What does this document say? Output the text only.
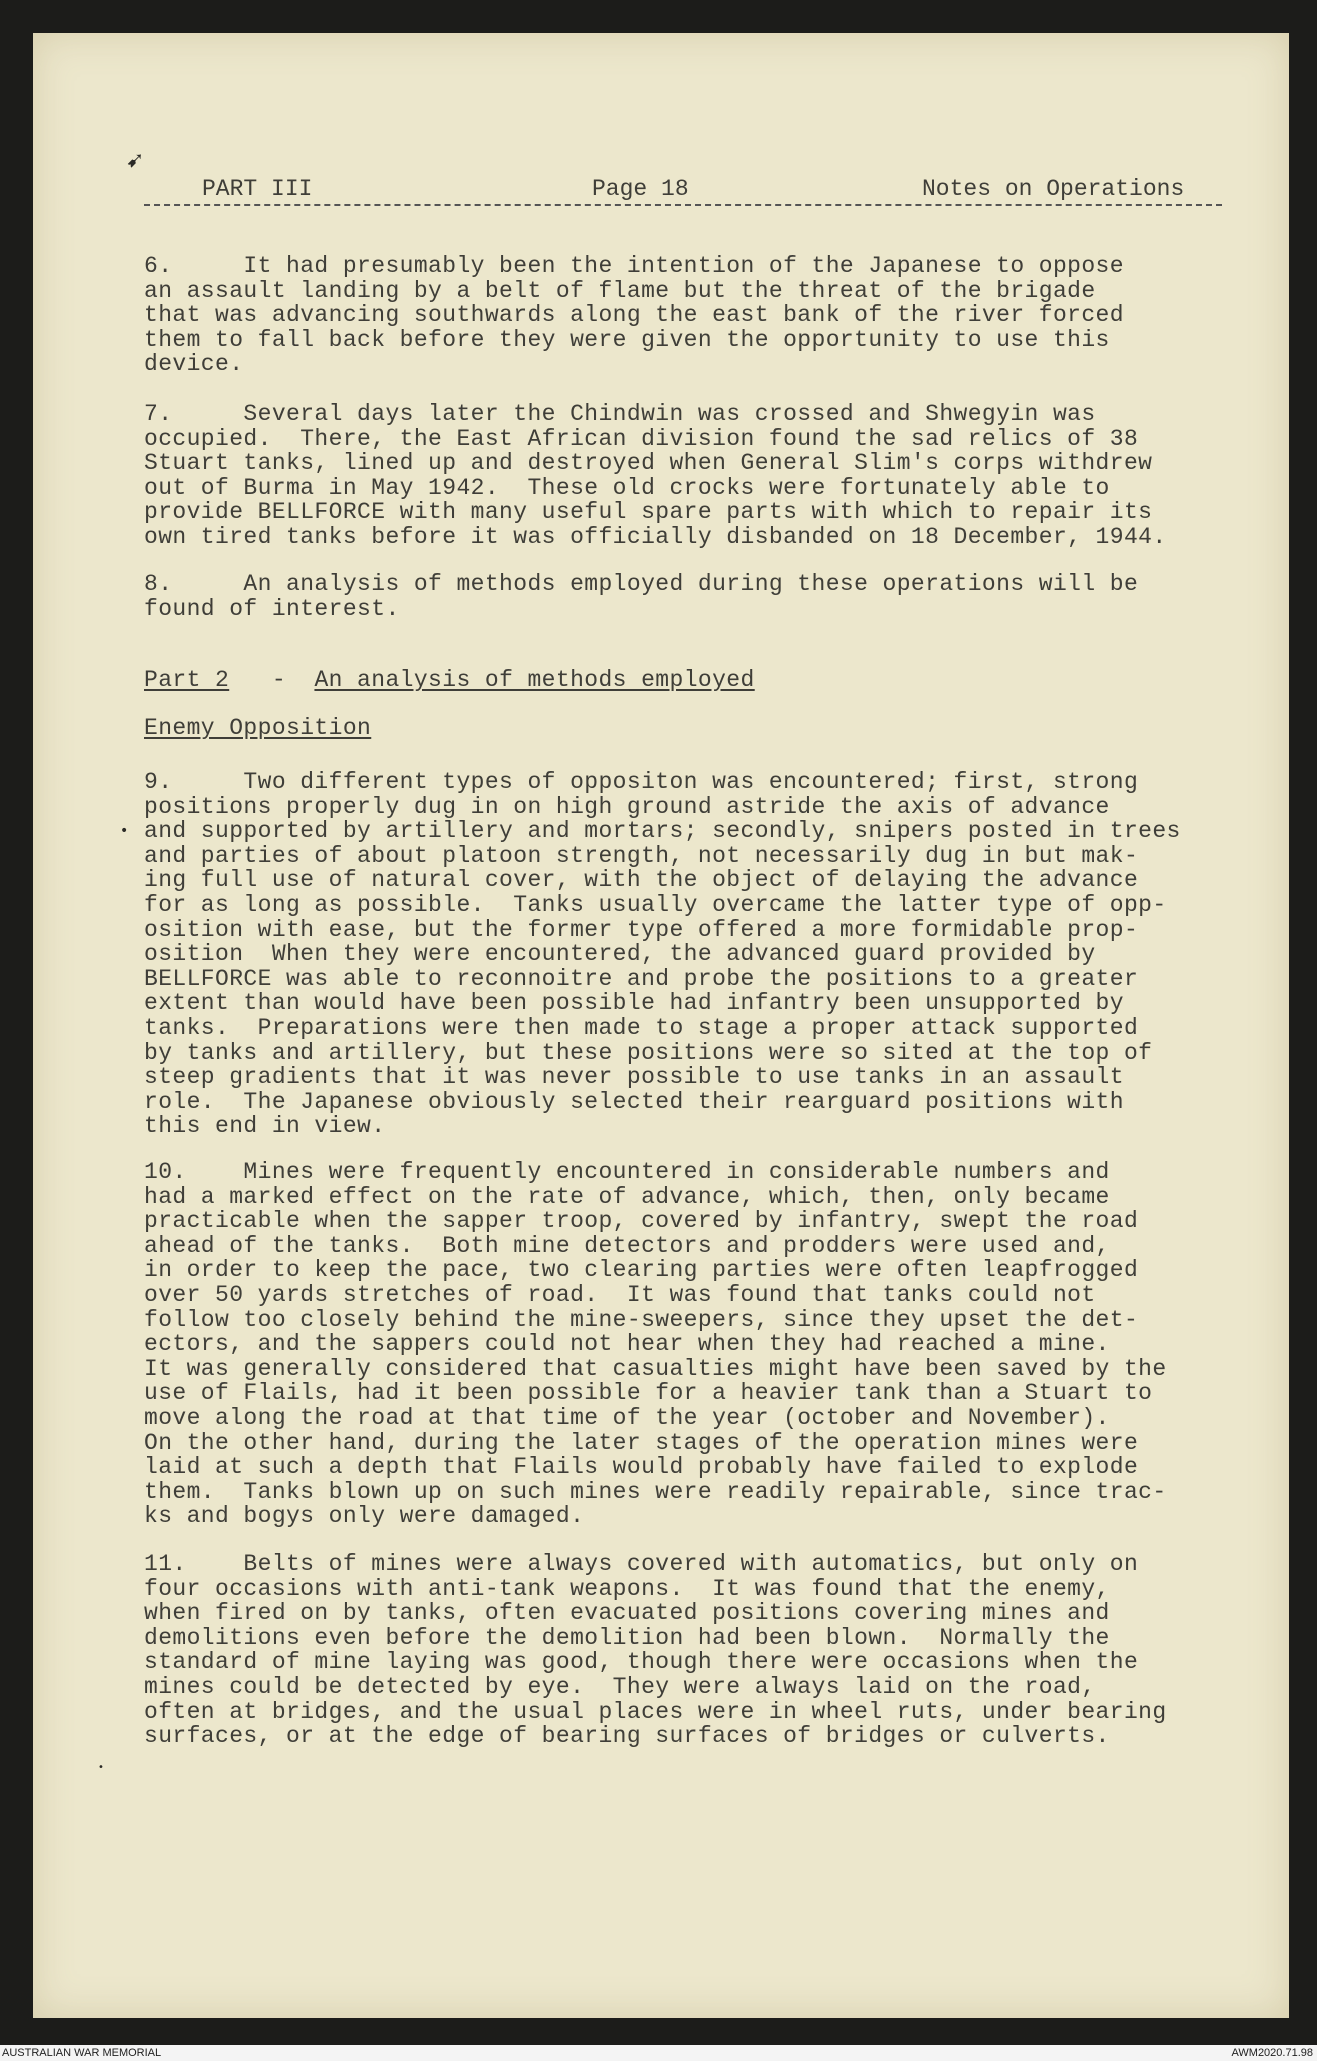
PART III	Page 18	Notes on Operations
6.     It had presumably been the intention of the Japanese to oppose
an assault landing by a belt of flame but the threat of the brigade
that was advancing southwards along the east bank of the river forced
them to fall back before they were given the opportunity to use this
device.
7.     Several days later the Chindwin was crossed and Shwegyin was
occupied.  There, the East African division found the sad relics of 38
Stuart tanks, lined up and destroyed when General Slim's corps withdrew
out of Burma in May 1942.  These old crocks were fortunately able to
provide BELLFORCE with many useful spare parts with which to repair its
own tired tanks before it was officially disbanded on 18 December, 1944.
8.     An analysis of methods employed during these operations will be
found of interest.
Part 2 - An analysis of methods employed
Enemy Opposition
9.     Two different types of oppositon was encountered; first, strong
positions properly dug in on high ground astride the axis of advance
and supported by artillery and mortars; secondly, snipers posted in trees
and parties of about platoon strength, not necessarily dug in but mak-
ing full use of natural cover, with the object of delaying the advance
for as long as possible.  Tanks usually overcame the latter type of opp-
osition with ease, but the former type offered a more formidable prop-
osition  When they were encountered, the advanced guard provided by
BELLFORCE was able to reconnoitre and probe the positions to a greater
extent than would have been possible had infantry been unsupported by
tanks.  Preparations were then made to stage a proper attack supported
by tanks and artillery, but these positions were so sited at the top of
steep gradients that it was never possible to use tanks in an assault
role.  The Japanese obviously selected their rearguard positions with
this end in view.
10.    Mines were frequently encountered in considerable numbers and
had a marked effect on the rate of advance, which, then, only became
practicable when the sapper troop, covered by infantry, swept the road
ahead of the tanks.  Both mine detectors and prodders were used and,
in order to keep the pace, two clearing parties were often leapfrogged
over 50 yards stretches of road.  It was found that tanks could not
follow too closely behind the mine-sweepers, since they upset the det-
ectors, and the sappers could not hear when they had reached a mine.
It was generally considered that casualties might have been saved by the
use of Flails, had it been possible for a heavier tank than a Stuart to
move along the road at that time of the year (october and November).
On the other hand, during the later stages of the operation mines were
laid at such a depth that Flails would probably have failed to explode
them.  Tanks blown up on such mines were readily repairable, since trac-
ks and bogys only were damaged.
11.    Belts of mines were always covered with automatics, but only on
four occasions with anti-tank weapons.  It was found that the enemy,
when fired on by tanks, often evacuated positions covering mines and
demolitions even before the demolition had been blown.  Normally the
standard of mine laying was good, though there were occasions when the
mines could be detected by eye.  They were always laid on the road,
often at bridges, and the usual places were in wheel ruts, under bearing
surfaces, or at the edge of bearing surfaces of bridges or culverts.
➹
•
•
AUSTRALIAN WAR MEMORIAL	AWM2020.71.98
